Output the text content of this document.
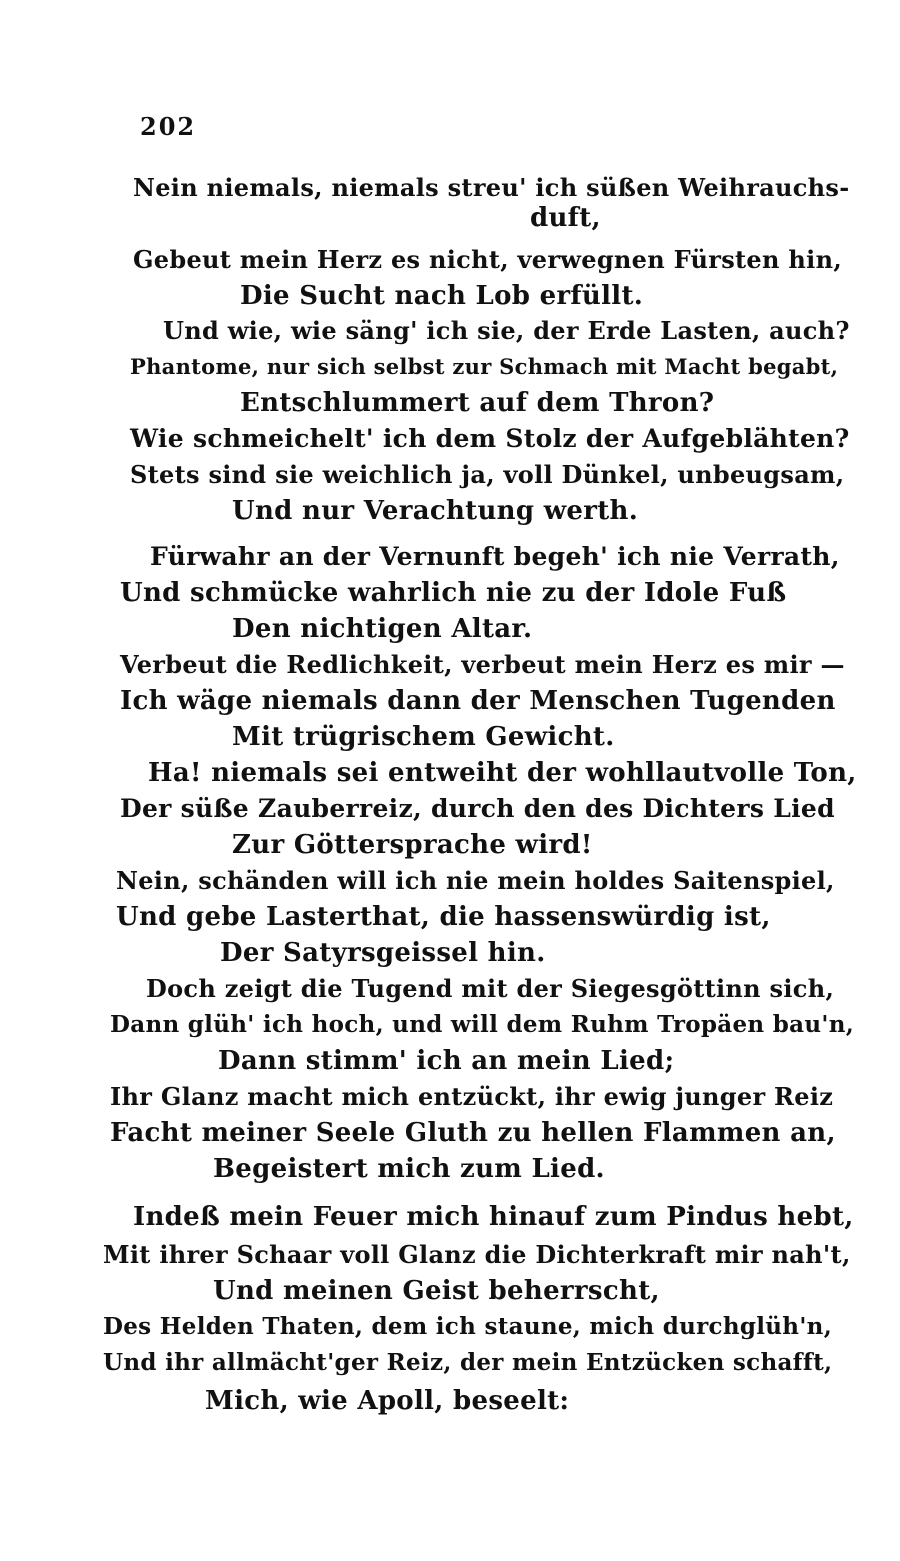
202
Nein niemals, niemals streu' ich süßen Weihrauchs-
duft,
Gebeut mein Herz es nicht, verwegnen Fürsten hin,
Die Sucht nach Lob erfüllt.
Und wie, wie säng' ich sie, der Erde Lasten, auch?
Phantome, nur sich selbst zur Schmach mit Macht begabt,
Entschlummert auf dem Thron?
Wie schmeichelt' ich dem Stolz der Aufgeblähten?
Stets sind sie weichlich ja, voll Dünkel, unbeugsam,
Und nur Verachtung werth.
Fürwahr an der Vernunft begeh' ich nie Verrath,
Und schmücke wahrlich nie zu der Idole Fuß
Den nichtigen Altar.
Verbeut die Redlichkeit, verbeut mein Herz es mir —
Ich wäge niemals dann der Menschen Tugenden
Mit trügrischem Gewicht.
Ha! niemals sei entweiht der wohllautvolle Ton,
Der süße Zauberreiz, durch den des Dichters Lied
Zur Göttersprache wird!
Nein, schänden will ich nie mein holdes Saitenspiel,
Und gebe Lasterthat, die hassenswürdig ist,
Der Satyrsgeissel hin.
Doch zeigt die Tugend mit der Siegesgöttinn sich,
Dann glüh' ich hoch, und will dem Ruhm Tropäen bau'n,
Dann stimm' ich an mein Lied;
Ihr Glanz macht mich entzückt, ihr ewig junger Reiz
Facht meiner Seele Gluth zu hellen Flammen an,
Begeistert mich zum Lied.
Indeß mein Feuer mich hinauf zum Pindus hebt,
Mit ihrer Schaar voll Glanz die Dichterkraft mir nah't,
Und meinen Geist beherrscht,
Des Helden Thaten, dem ich staune, mich durchglüh'n,
Und ihr allmächt'ger Reiz, der mein Entzücken schafft,
Mich, wie Apoll, beseelt:
